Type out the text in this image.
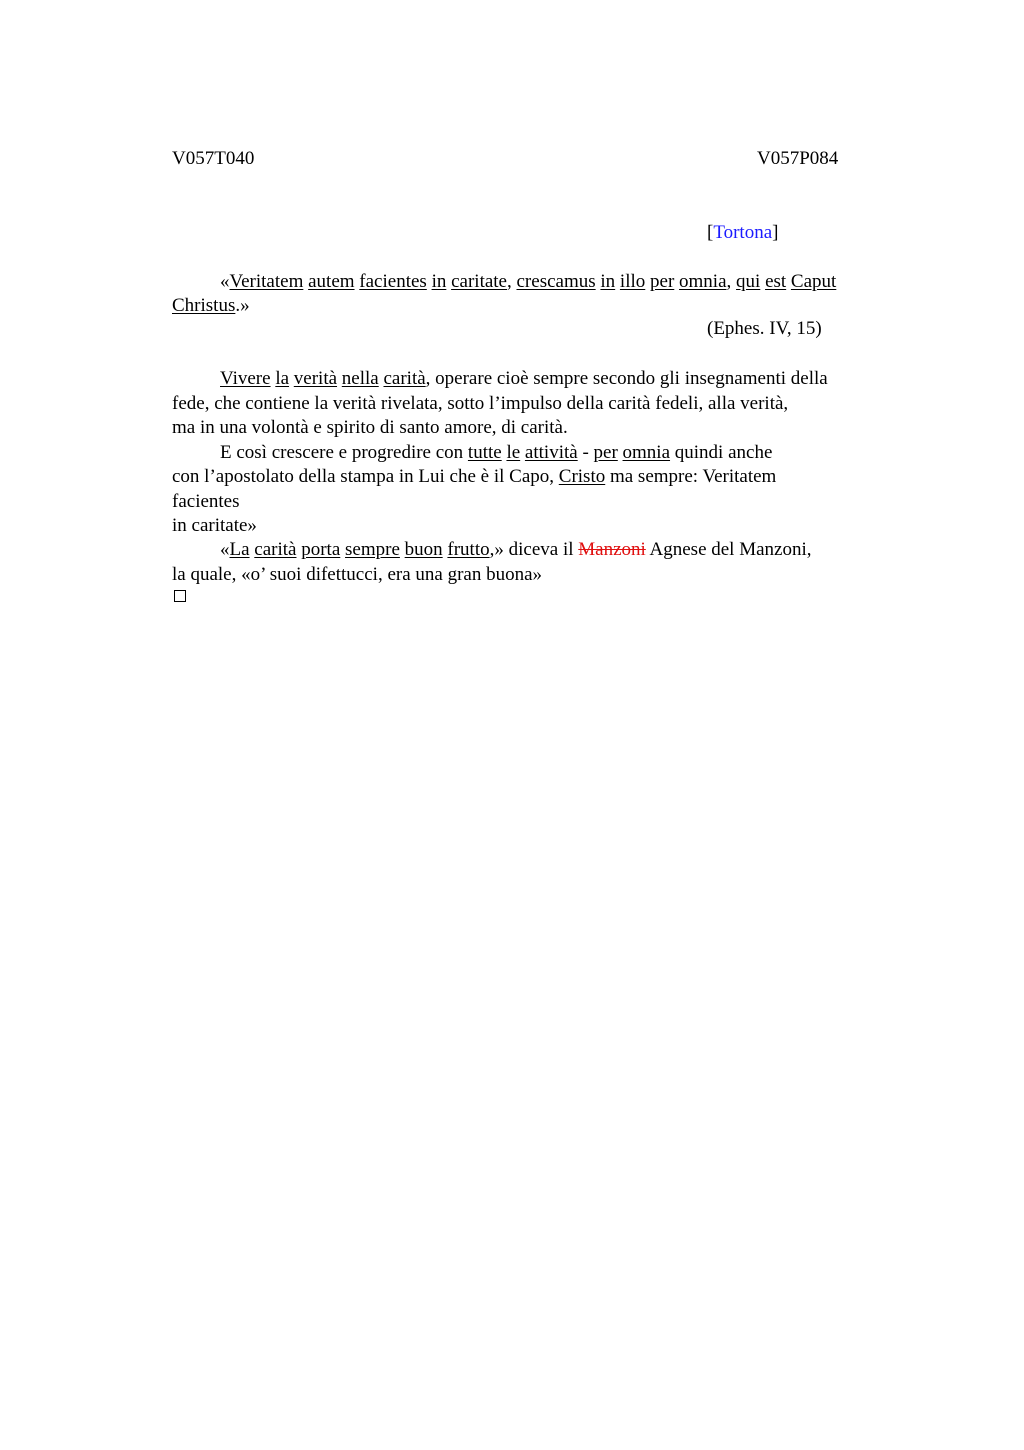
V057T040	V057P084
[Tortona]
«Veritatem autem facientes in caritate, crescamus in illo per omnia, qui est Caput
Christus.»
(Ephes. IV, 15)
Vivere la verità nella carità, operare cioè sempre secondo gli insegnamenti della
fede, che contiene la verità rivelata, sotto l’impulso della carità fedeli, alla verità,
ma in una volontà e spirito di santo amore, di carità.
E così crescere e progredire con tutte le attività - per omnia quindi anche
con l’apostolato della stampa in Lui che è il Capo, Cristo ma sempre: Veritatem
facientes
in caritate»
«La carità porta sempre buon frutto,» diceva il Manzoni Agnese del Manzoni,
la quale, «o’ suoi difettucci, era una gran buona»
